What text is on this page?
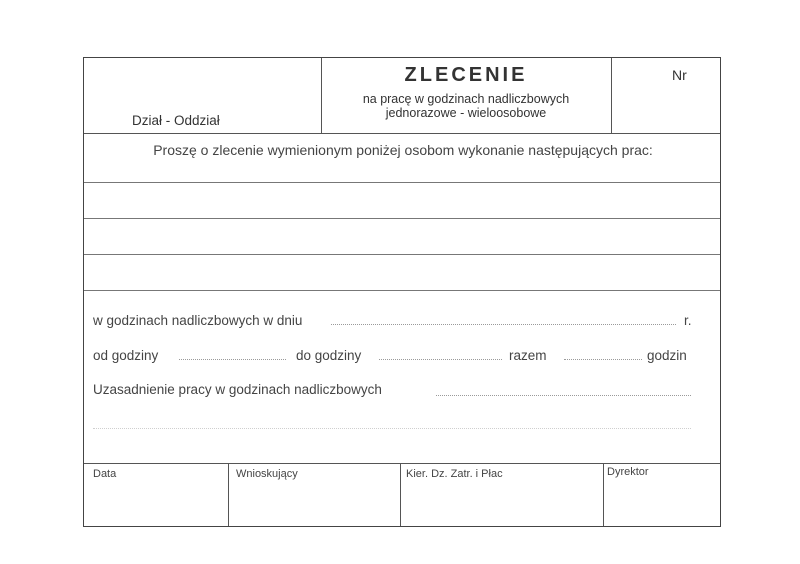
Dział - Oddział
ZLECENIE
na pracę w godzinach nadliczbowych
jednorazowe - wieloosobowe
Nr
Proszę o zlecenie wymienionym poniżej osobom wykonanie następujących prac:
w godzinach nadliczbowych w dniu	r.
od godziny	do godziny	razem	godzin
Uzasadnienie pracy w godzinach nadliczbowych
Data	Wnioskujący	Kier. Dz. Zatr. i Płac	Dyrektor
